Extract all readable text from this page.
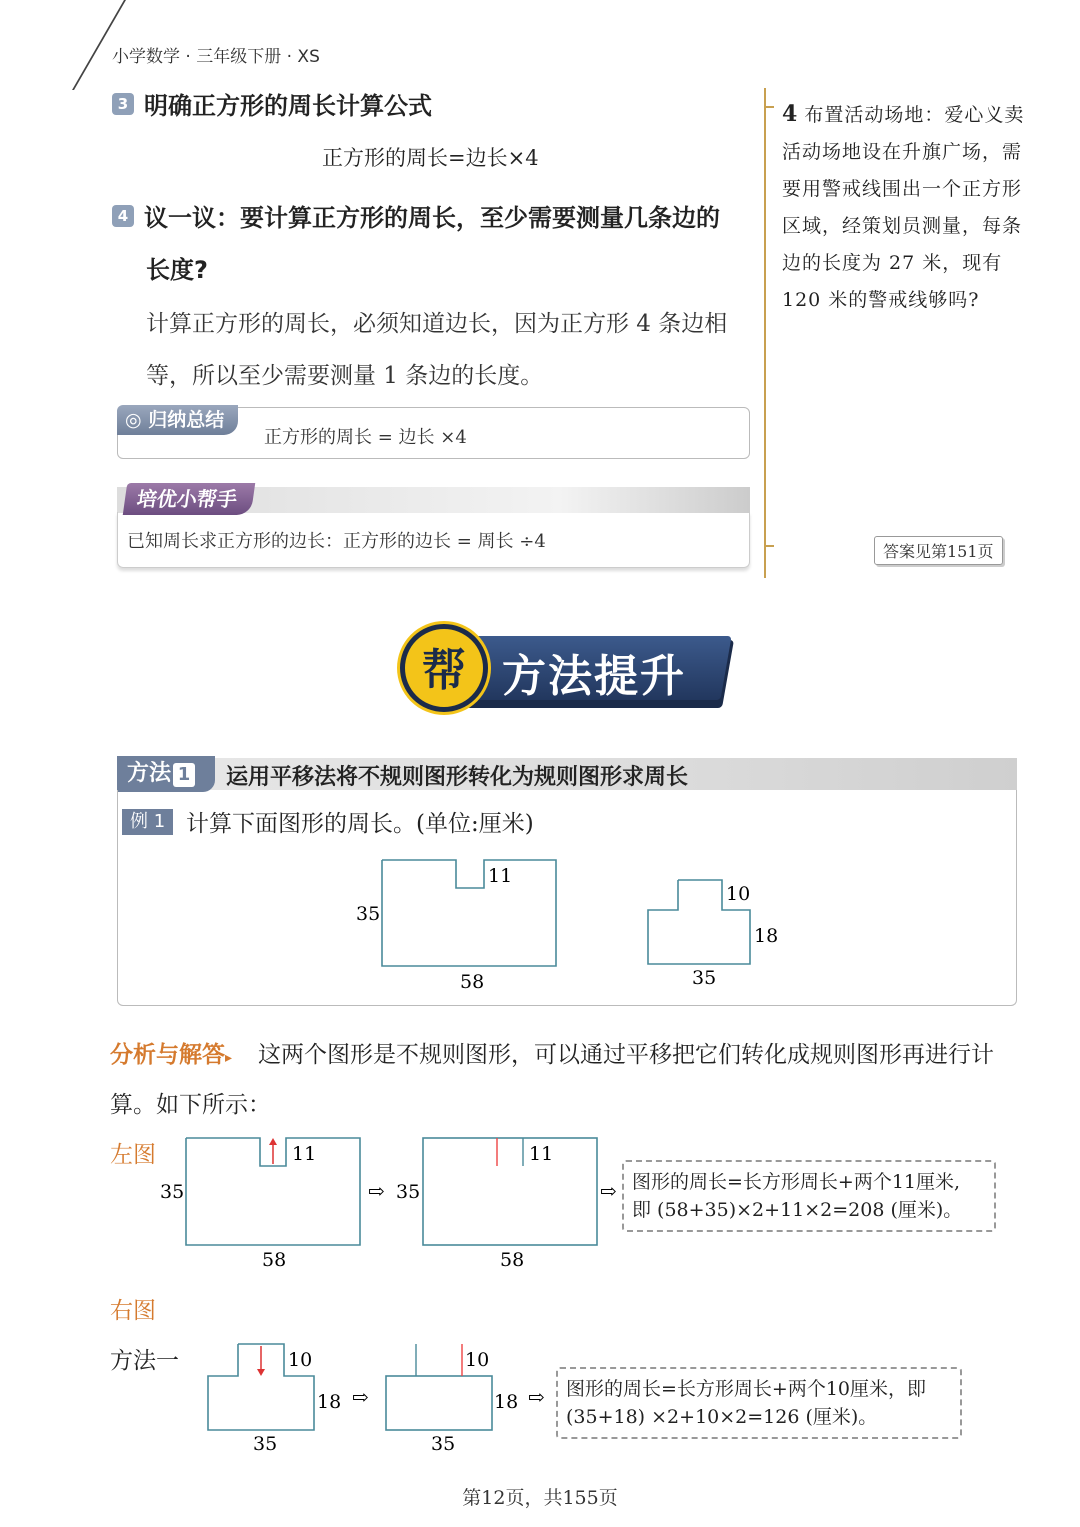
小学数学 · 三年级下册 · XS
3 明确正方形的周长计算公式
正方形的周长=边长×4
4 议一议：要计算正方形的周长，至少需要测量几条边的
长度?
计算正方形的周长，必须知道边长，因为正方形 4 条边相等，所以至少需要测量 1 条边的长度。
◎ 归纳总结
正方形的周长 = 边长 ×4
培优小帮手
已知周长求正方形的边长：正方形的边长 = 周长 ÷4
4 布置活动场地：爱心义卖活动场地设在升旗广场，需要用警戒线围出一个正方形区域，经策划员测量，每条边的长度为 27 米，现有 120 米的警戒线够吗?
答案见第151页
方法提升
帮
方法 1	运用平移法将不规则图形转化为规则图形求周长
例 1 计算下面图形的周长。(单位:厘米)
11
35
58
10
18
35
这两个图形是不规则图形，可以通过平移把它们转化成规则图形再进行计算。如下所示：
分析与解答▸
左图	11
35
58
⇨ 35
11
58
⇨ 图形的周长=长方形周长+两个11厘米,
即 (58+35)×2+11×2=208 (厘米)。
右图
方法一	10
18
35
⇨
10
18
35
⇨ 图形的周长=长方形周长+两个10厘米，即
(35+18) ×2+10×2=126 (厘米)。
第12页，共155页
